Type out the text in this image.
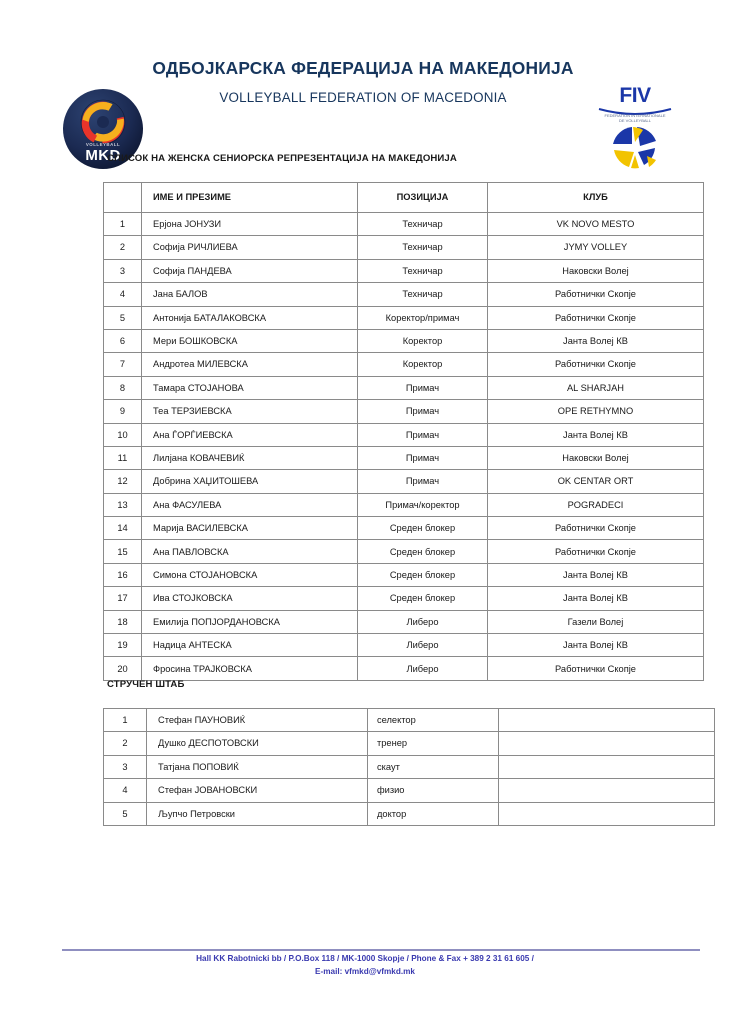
VOLLEYBALL
MKD
ОДБОЈКАРСКА ФЕДЕРАЦИЈА НА МАКЕДОНИЈА
VOLLEYBALL FEDERATION OF MACEDONIA	FIV
FEDERATION INTERNATIONALE
DE VOLLEYBALL
СПИСОК НА ЖЕНСКА СЕНИОРСКА РЕПРЕЗЕНТАЦИЈА НА МАКЕДОНИЈА
	ИМЕ И ПРЕЗИМЕ	ПОЗИЦИЈА	КЛУБ
1	Ерјона ЈОНУЗИ	Техничар	VK NOVO MESTO
2	Софија РИЧЛИЕВА	Техничар	JYMY VOLLEY
3	Софија ПАНДЕВА	Техничар	Наковски Волеј
4	Јана БАЛОВ	Техничар	Работнички Скопје
5	Антонија БАТАЛАКОВСКА	Коректор/примач	Работнички Скопје
6	Мери БОШКОВСКА	Коректор	Јанта Волеј КВ
7	Андротеа МИЛЕВСКА	Коректор	Работнички Скопје
8	Тамара СТОЈАНОВА	Примач	AL SHARJAH
9	Теа ТЕРЗИЕВСКА	Примач	OPE RETHYMNO
10	Ана ЃОРЃИЕВСКА	Примач	Јанта Волеј КВ
11	Лилјана КОВАЧЕВИЌ	Примач	Наковски Волеј
12	Добрина ХАЏИТОШЕВА	Примач	OK CENTAR ORT
13	Ана ФАСУЛЕВА	Примач/коректор	POGRADECI
14	Марија ВАСИЛЕВСКА	Среден блокер	Работнички Скопје
15	Ана ПАВЛОВСКА	Среден блокер	Работнички Скопје
16	Симона СТОЈАНОВСКА	Среден блокер	Јанта Волеј КВ
17	Ива СТОЈКОВСКА	Среден блокер	Јанта Волеј КВ
18	Емилија ПОПЈОРДАНОВСКА	Либеро	Газели Волеј
19	Надица АНТЕСКА	Либеро	Јанта Волеј КВ
20	Фросина ТРАЈКОВСКА	Либеро	Работнички Скопје
СТРУЧЕН ШТАБ
1	Стефан ПАУНОВИЌ	селектор	
2	Душко ДЕСПОТОВСКИ	тренер	
3	Татјана ПОПОВИЌ	скаут	
4	Стефан ЈОВАНОВСКИ	физио	
5	Љупчо Петровски	доктор	
Hall KK Rabotnicki bb / P.O.Box 118 / MK-1000 Skopje / Phone & Fax + 389 2 31 61 605 /
E-mail: vfmkd@vfmkd.mk
